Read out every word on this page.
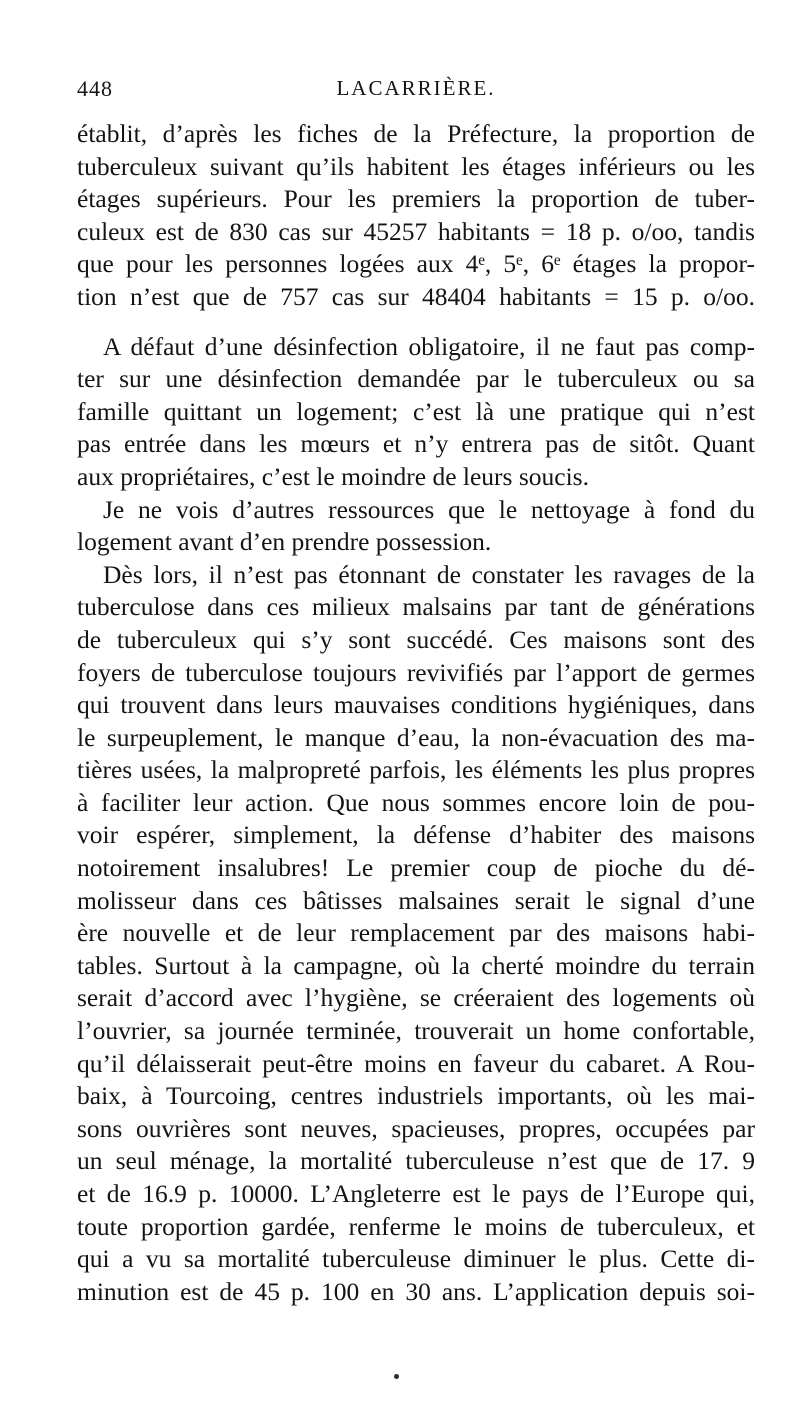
448	LACARRIÈRE.
établit, d’après les fiches de la Préfecture, la proportion de
tuberculeux suivant qu’ils habitent les étages inférieurs ou les
étages supérieurs. Pour les premiers la proportion de tuber-
culeux est de 830 cas sur 45257 habitants = 18 p. o/oo, tandis
que pour les personnes logées aux 4ᵉ, 5ᵉ, 6ᵉ étages la propor-
tion n’est que de 757 cas sur 48404 habitants = 15 p. o/oo.
A défaut d’une désinfection obligatoire, il ne faut pas comp-
ter sur une désinfection demandée par le tuberculeux ou sa
famille quittant un logement; c’est là une pratique qui n’est
pas entrée dans les mœurs et n’y entrera pas de sitôt. Quant
aux propriétaires, c’est le moindre de leurs soucis.
Je ne vois d’autres ressources que le nettoyage à fond du
logement avant d’en prendre possession.
Dès lors, il n’est pas étonnant de constater les ravages de la
tuberculose dans ces milieux malsains par tant de générations
de tuberculeux qui s’y sont succédé. Ces maisons sont des
foyers de tuberculose toujours revivifiés par l’apport de germes
qui trouvent dans leurs mauvaises conditions hygiéniques, dans
le surpeuplement, le manque d’eau, la non-évacuation des ma-
tières usées, la malpropreté parfois, les éléments les plus propres
à faciliter leur action. Que nous sommes encore loin de pou-
voir espérer, simplement, la défense d’habiter des maisons
notoirement insalubres! Le premier coup de pioche du dé-
molisseur dans ces bâtisses malsaines serait le signal d’une
ère nouvelle et de leur remplacement par des maisons habi-
tables. Surtout à la campagne, où la cherté moindre du terrain
serait d’accord avec l’hygiène, se créeraient des logements où
l’ouvrier, sa journée terminée, trouverait un home confortable,
qu’il délaisserait peut-être moins en faveur du cabaret. A Rou-
baix, à Tourcoing, centres industriels importants, où les mai-
sons ouvrières sont neuves, spacieuses, propres, occupées par
un seul ménage, la mortalité tuberculeuse n’est que de 17. 9
et de 16.9 p. 10000. L’Angleterre est le pays de l’Europe qui,
toute proportion gardée, renferme le moins de tuberculeux, et
qui a vu sa mortalité tuberculeuse diminuer le plus. Cette di-
minution est de 45 p. 100 en 30 ans. L’application depuis soi-
